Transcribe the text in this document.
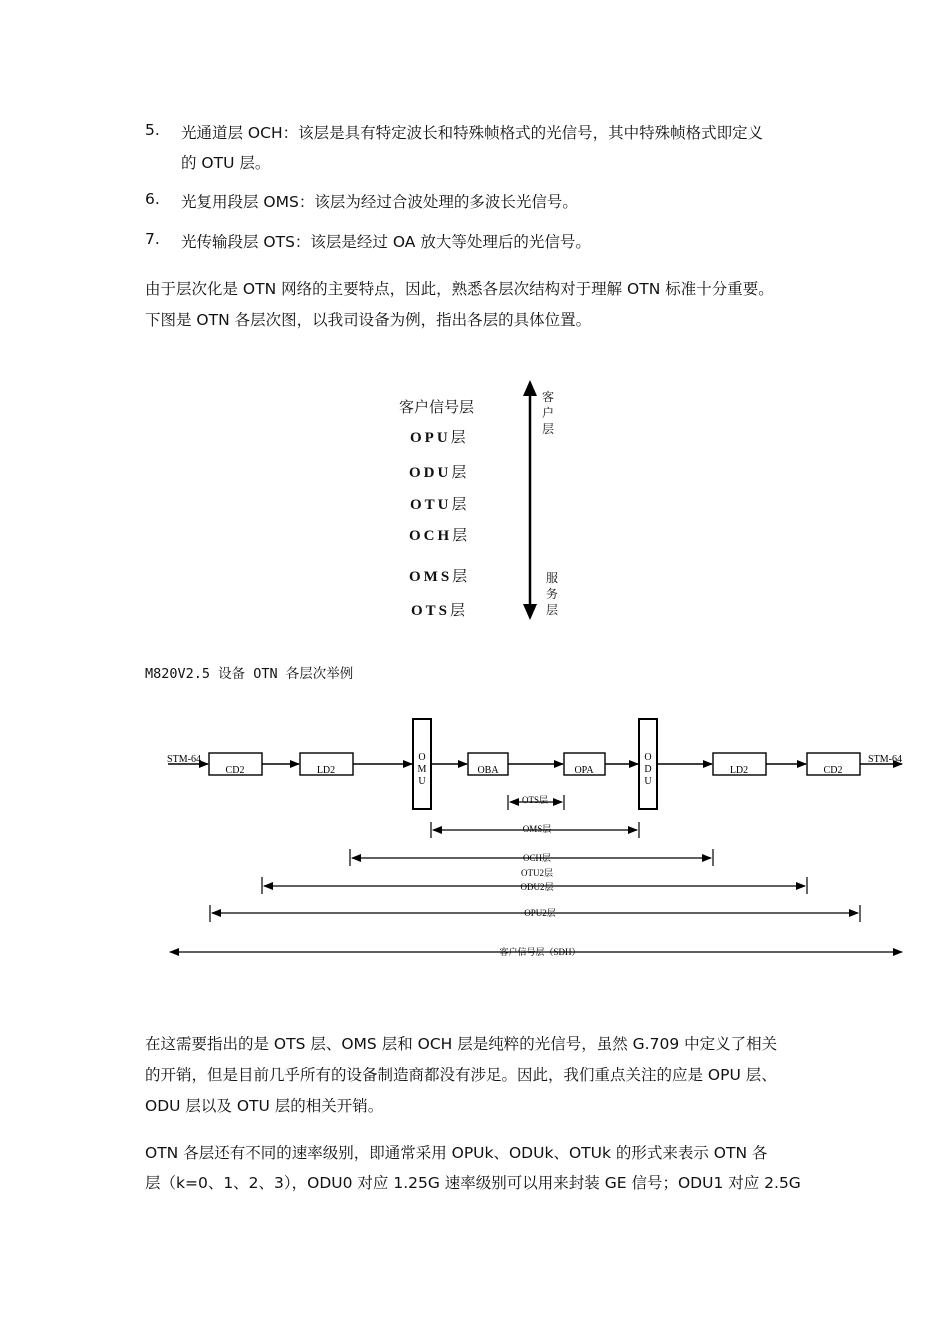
5. 光通道层 OCH：该层是具有特定波长和特殊帧格式的光信号，其中特殊帧格式即定义
的 OTU 层。
6. 光复用段层 OMS：该层为经过合波处理的多波长光信号。
7. 光传输段层 OTS：该层是经过 OA 放大等处理后的光信号。
由于层次化是 OTN 网络的主要特点，因此，熟悉各层次结构对于理解 OTN 标准十分重要。
下图是 OTN 各层次图，以我司设备为例，指出各层的具体位置。
客户信号层
OPU层
ODU层
OTU层
OCH层
OMS层
OTS层
客
户
层
服
务
层
M820V2.5 设备 OTN 各层次举例
STM-64	STM-64
CD2	LD2
O
M
U
OBA	OPA
O
D
U
LD2	CD2
OTS层
OMS层
OCH层
OTU2层
ODU2层
OPU2层
客户信号层（SDH）
在这需要指出的是 OTS 层、OMS 层和 OCH 层是纯粹的光信号，虽然 G.709 中定义了相关
的开销，但是目前几乎所有的设备制造商都没有涉足。因此，我们重点关注的应是 OPU 层、
ODU 层以及 OTU 层的相关开销。
OTN 各层还有不同的速率级别，即通常采用 OPUk、ODUk、OTUk 的形式来表示 OTN 各
层（k=0、1、2、3），ODU0 对应 1.25G 速率级别可以用来封装 GE 信号；ODU1 对应 2.5G
